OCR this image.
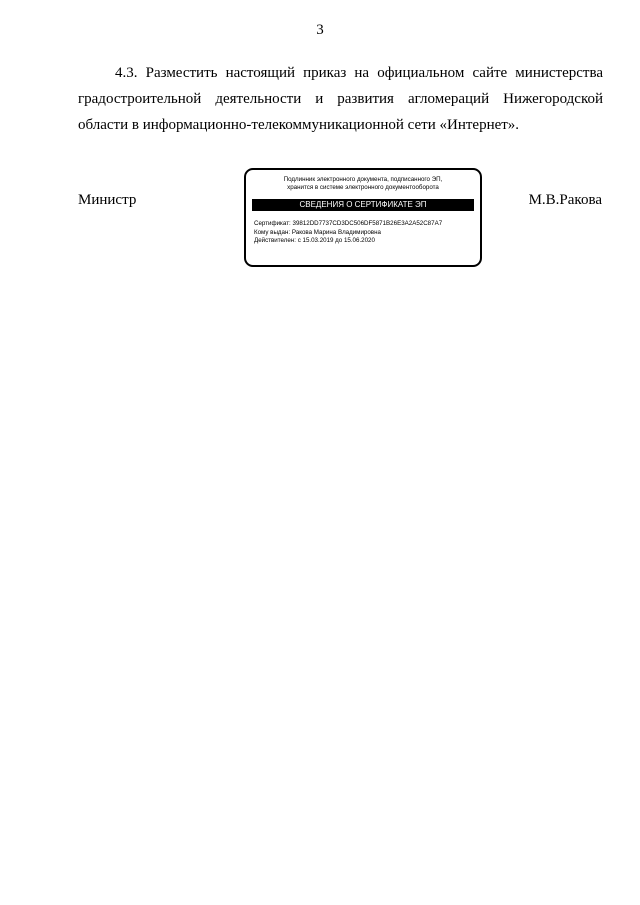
3
4.3. Разместить настоящий приказ на официальном сайте министерства
градостроительной деятельности и развития агломераций Нижегородской
области в информационно-телекоммуникационной сети «Интернет».
Министр
Подлинник электронного документа, подписанного ЭП,
хранится в системе электронного документооборота
СВЕДЕНИЯ О СЕРТИФИКАТЕ ЭП
Сертификат: 39812DD7737CD3DC506DF5871B26E3A2A52C87A7
Кому выдан: Ракова Марина Владимировна
Действителен: с 15.03.2019 до 15.06.2020
М.В.Ракова
